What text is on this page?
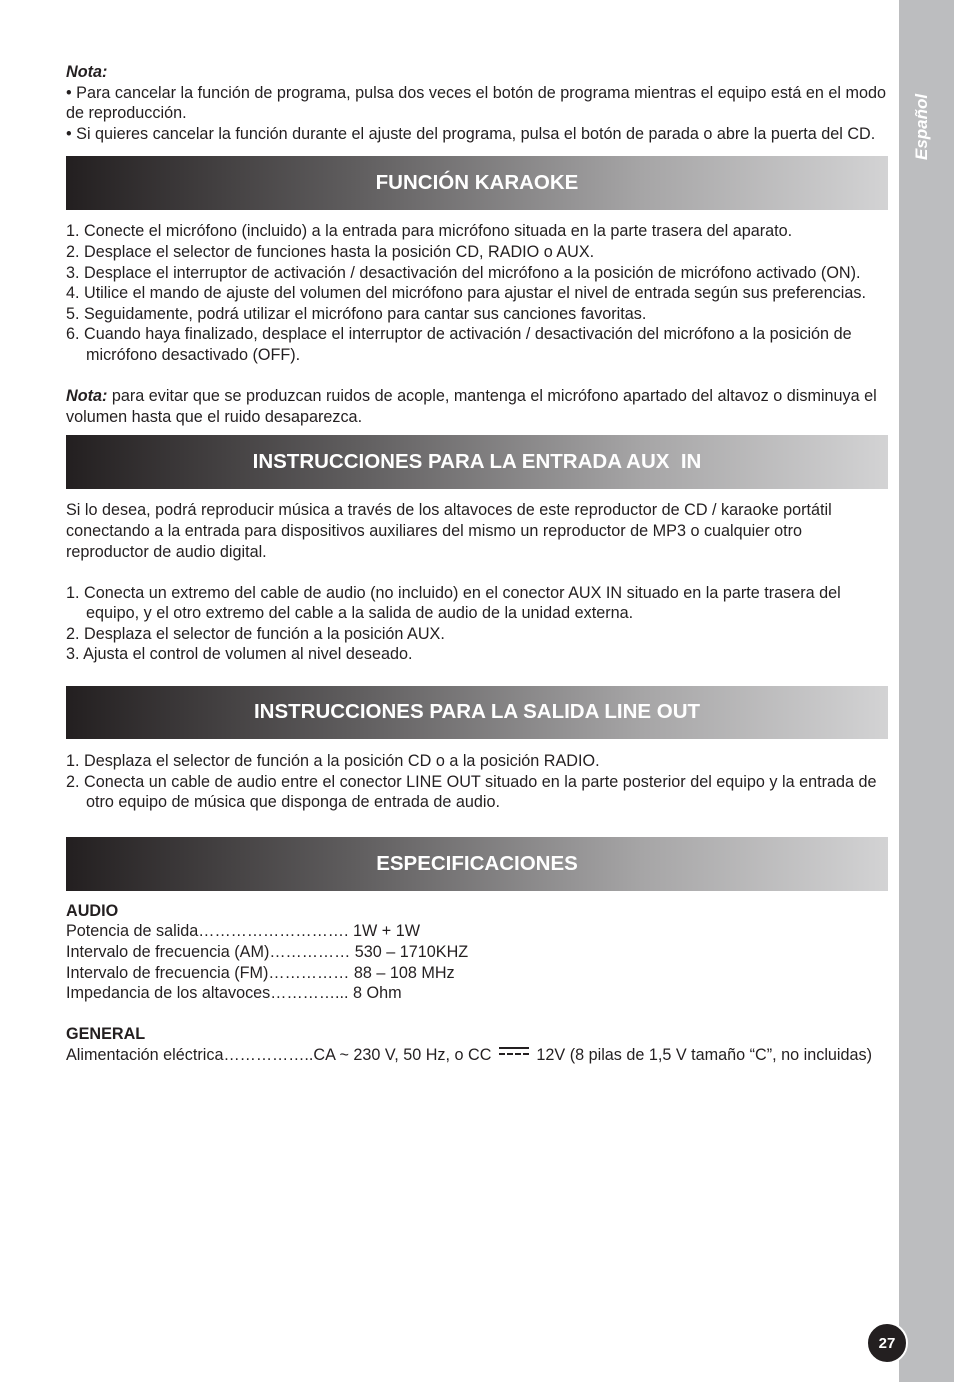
Español
27

Nota:

• Para cancelar la función de programa, pulsa dos veces el botón de programa mientras el equipo está en el modo de reproducción.

• Si quieres cancelar la función durante el ajuste del programa, pulsa el botón de parada o abre la puerta del CD.

FUNCIÓN KARAOKE
1. Conecte el micrófono (incluido) a la entrada para micrófono situada en la parte trasera del aparato.
2. Desplace el selector de funciones hasta la posición CD, RADIO o AUX.
3. Desplace el interruptor de activación / desactivación del micrófono a la posición de micrófono activado (ON).
4. Utilice el mando de ajuste del volumen del micrófono para ajustar el nivel de entrada según sus preferencias.
5. Seguidamente, podrá utilizar el micrófono para cantar sus canciones favoritas.
6. Cuando haya finalizado, desplace el interruptor de activación / desactivación del micrófono a la posición de micrófono desactivado (OFF).

Nota: para evitar que se produzcan ruidos de acople, mantenga el micrófono apartado del altavoz o disminuya el volumen hasta que el ruido desaparezca.

INSTRUCCIONES PARA LA ENTRADA AUX  IN

Si lo desea, podrá reproducir música a través de los altavoces de este reproductor de CD / karaoke portátil conectando a la entrada para dispositivos auxiliares del mismo un reproductor de MP3 o cualquier otro reproductor de audio digital.

1. Conecta un extremo del cable de audio (no incluido) en el conector AUX IN situado en la parte trasera del equipo, y el otro extremo del cable a la salida de audio de la unidad externa.
2. Desplaza el selector de función a la posición AUX.
3. Ajusta el control de volumen al nivel deseado.
INSTRUCCIONES PARA LA SALIDA LINE OUT
1. Desplaza el selector de función a la posición CD o a la posición RADIO.
2. Conecta un cable de audio entre el conector LINE OUT situado en la parte posterior del equipo y la entrada de otro equipo de música que disponga de entrada de audio.
ESPECIFICACIONES

AUDIO

Potencia de salida………………………. 1W + 1W

Intervalo de frecuencia (AM)…………… 530 – 1710KHZ

Intervalo de frecuencia (FM)…………… 88 – 108 MHz

Impedancia de los altavoces…………... 8 Ohm

GENERAL

Alimentación eléctrica……………..CA ~ 230 V, 50 Hz, o CC
12V (8 pilas de 1,5 V tamaño “C”, no incluidas)
